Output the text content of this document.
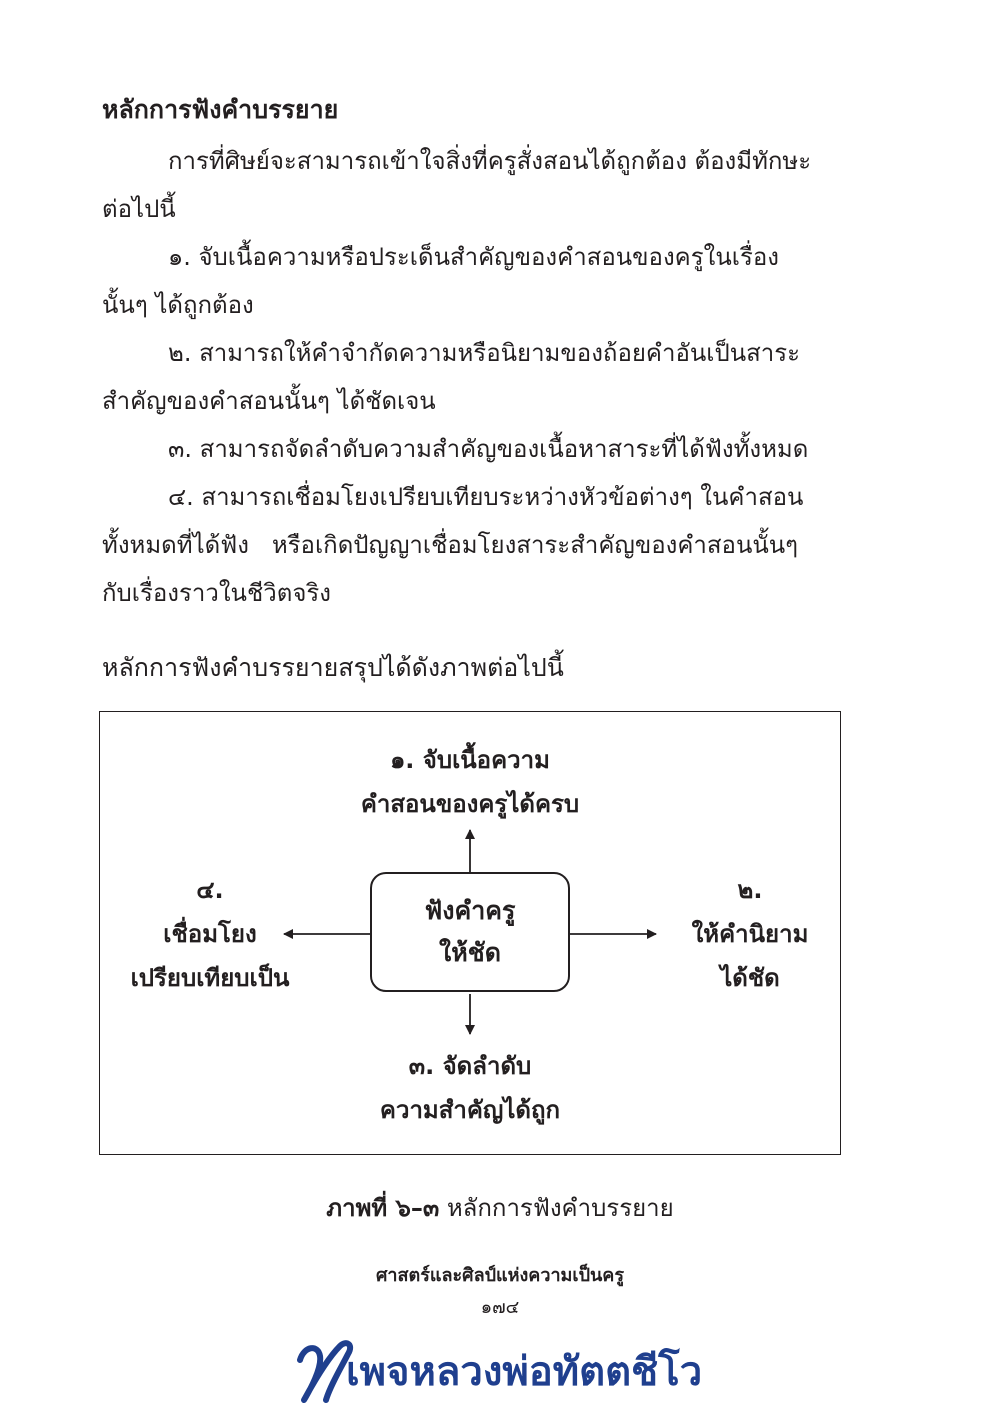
หลักการฟังคำบรรยาย
การที่ศิษย์จะสามารถเข้าใจสิ่งที่ครูสั่งสอนได้ถูกต้อง ต้องมีทักษะ
ต่อไปนี้
๑. จับเนื้อความหรือประเด็นสำคัญของคำสอนของครูในเรื่อง
นั้นๆ ได้ถูกต้อง
๒. สามารถให้คำจำกัดความหรือนิยามของถ้อยคำอันเป็นสาระ
สำคัญของคำสอนนั้นๆ ได้ชัดเจน
๓. สามารถจัดลำดับความสำคัญของเนื้อหาสาระที่ได้ฟังทั้งหมด
๔. สามารถเชื่อมโยงเปรียบเทียบระหว่างหัวข้อต่างๆ ในคำสอน
ทั้งหมดที่ได้ฟัง   หรือเกิดปัญญาเชื่อมโยงสาระสำคัญของคำสอนนั้นๆ
กับเรื่องราวในชีวิตจริง
หลักการฟังคำบรรยายสรุปได้ดังภาพต่อไปนี้
๑. จับเนื้อความ
คำสอนของครูได้ครบ
ฟังคำครู
ให้ชัด
๒.
ให้คำนิยาม
ได้ชัด
๔.
เชื่อมโยง
เปรียบเทียบเป็น
๓. จัดลำดับ
ความสำคัญได้ถูก
ภาพที่ ๖–๓ หลักการฟังคำบรรยาย
ศาสตร์และศิลป์แห่งความเป็นครู
๑๗๔
เพจหลวงพ่อทัตตชีโว
